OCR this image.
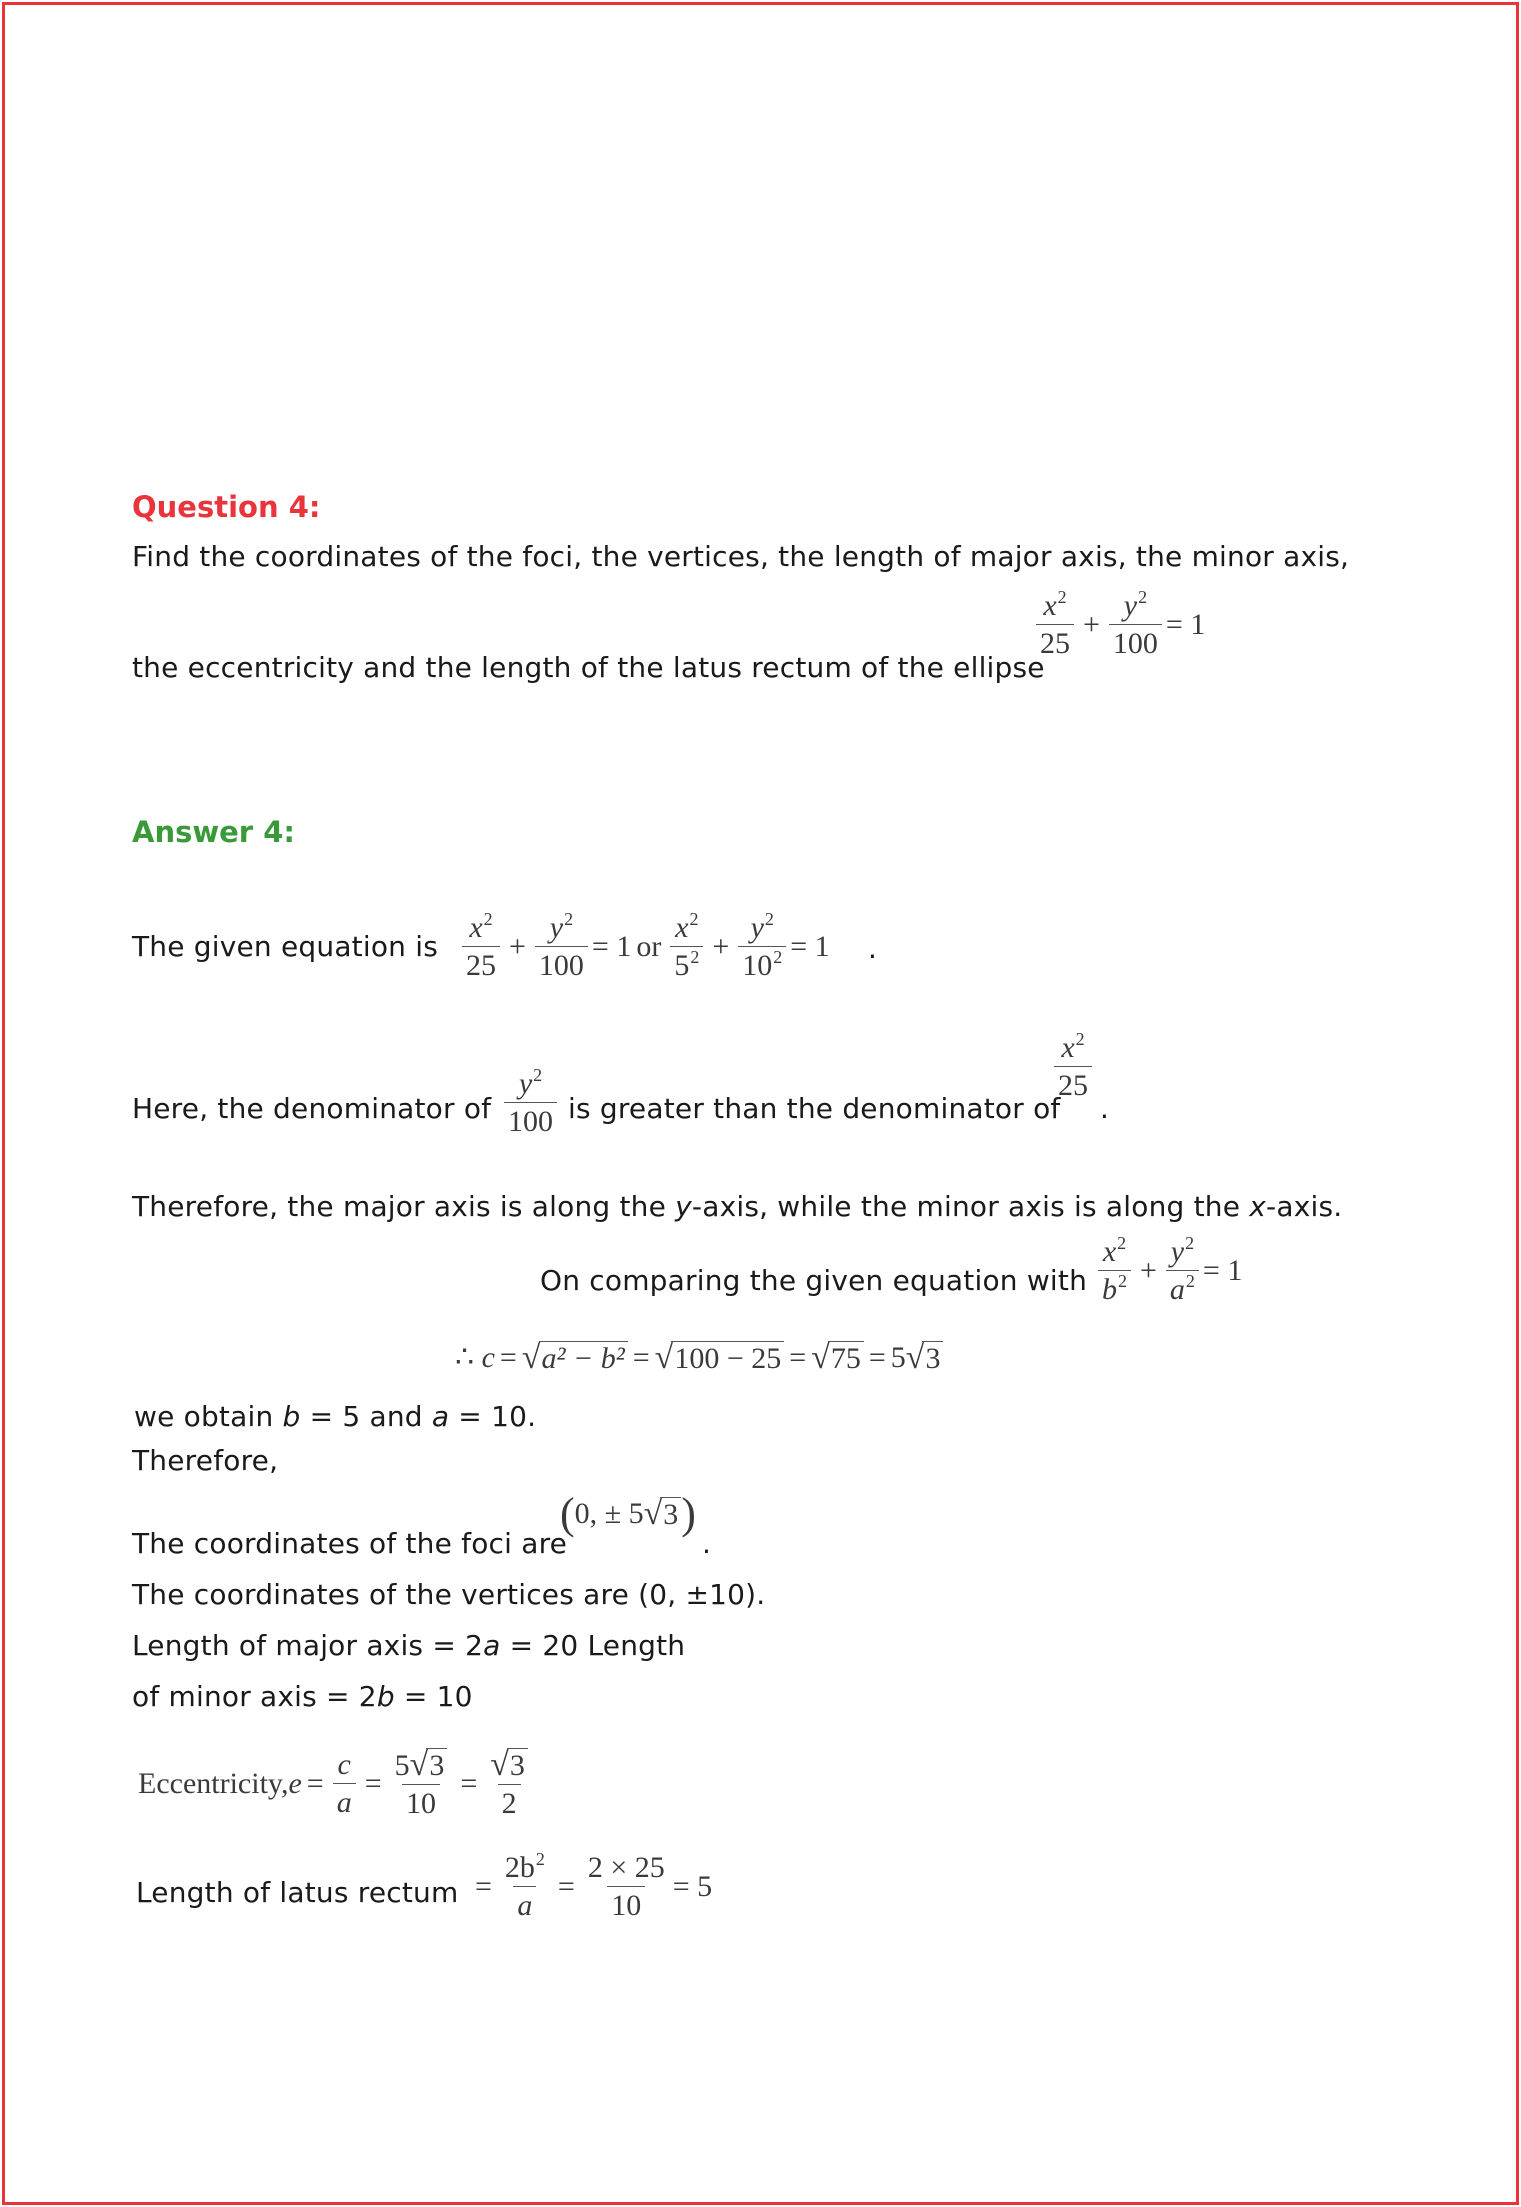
Question 4:
Find the coordinates of the foci, the vertices, the length of major axis, the minor axis,
the eccentricity and the length of the latus rectum of the ellipse
$\frac{x^2}{25} + \frac{y^2}{100} = 1$
Answer 4:
The given equation is $\frac{x^2}{25} + \frac{y^2}{100} = 1$ or $\frac{x^2}{5^2} + \frac{y^2}{10^2} = 1$ .
Here, the denominator of $\frac{y^2}{100}$ is greater than the denominator of
$\frac{x^2}{25}$
.
Therefore, the major axis is along the y-axis, while the minor axis is along the x-axis.
On comparing the given equation with $\frac{x^2}{b^2} + \frac{y^2}{a^2} = 1$
∴
c = √ a² − b² = √ 100 − 25 = √ 75 = 5 √ 3
we obtain b = 5 and a = 10.
Therefore,
The coordinates of the foci are
( 0, ± 5 √ 3 )
.
The coordinates of the vertices are (0, ±10).
Length of major axis = 2a = 20 Length
of minor axis = 2b = 10
Eccentricity, $e = \frac{c}{a} = \frac{5 √ 3}{10} = \frac{√ 3}{2}$
Length of latus rectum = $\frac{2b^2}{a} = \frac{2 \times 25}{10} = 5$
